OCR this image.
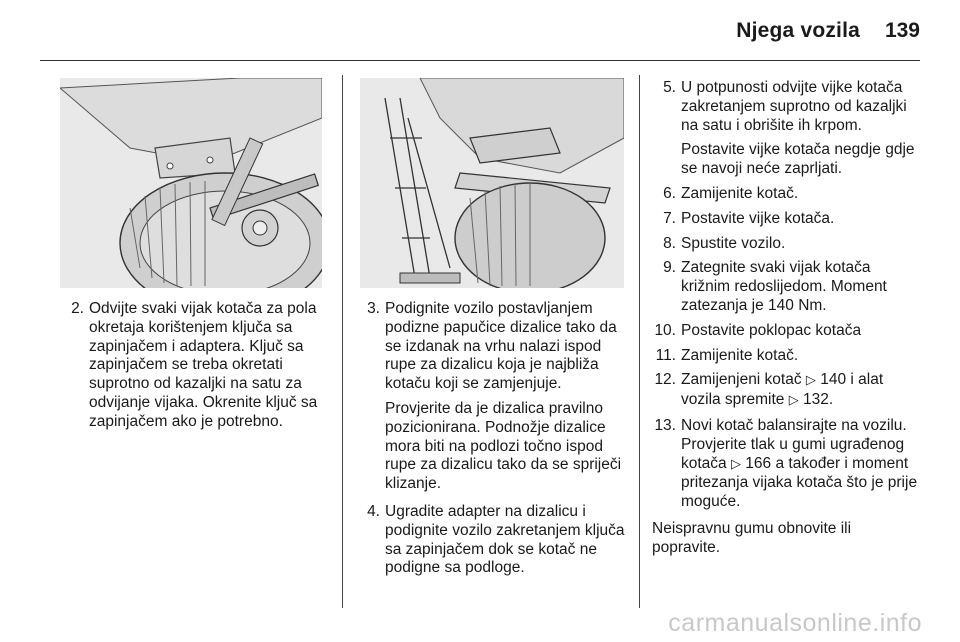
Njega vozila 139
2. Odvijte svaki vijak kotača za pola okretaja korištenjem ključa sa zapinjačem i adaptera. Ključ sa zapinjačem se treba okretati suprotno od kazaljki na satu za odvijanje vijaka. Okrenite ključ sa zapinjačem ako je potrebno.
3. Podignite vozilo postavljanjem podizne papučice dizalice tako da se izdanak na vrhu nalazi ispod rupe za dizalicu koja je najbliža kotaču koji se zamjenjuje.
Provjerite da je dizalica pravilno pozicionirana. Podnožje dizalice mora biti na podlozi točno ispod rupe za dizalicu tako da se spriječi klizanje.
4. Ugradite adapter na dizalicu i podignite vozilo zakretanjem ključa sa zapinjačem dok se kotač ne podigne sa podloge.
5. U potpunosti odvijte vijke kotača zakretanjem suprotno od kazaljki na satu i obrišite ih krpom.
Postavite vijke kotača negdje gdje se navoji neće zaprljati.
6. Zamijenite kotač.
7. Postavite vijke kotača.
8. Spustite vozilo.
9. Zategnite svaki vijak kotača križnim redoslijedom. Moment zatezanja je 140 Nm.
10. Postavite poklopac kotača
11. Zamijenite kotač.
12. Zamijenjeni kotač ▷ 140 i alat vozila spremite ▷ 132.
13. Novi kotač balansirajte na vozilu. Provjerite tlak u gumi ugrađenog kotača ▷ 166 a također i moment pritezanja vijaka kotača što je prije moguće.
Neispravnu gumu obnovite ili popravite.
carmanualsonline.info
